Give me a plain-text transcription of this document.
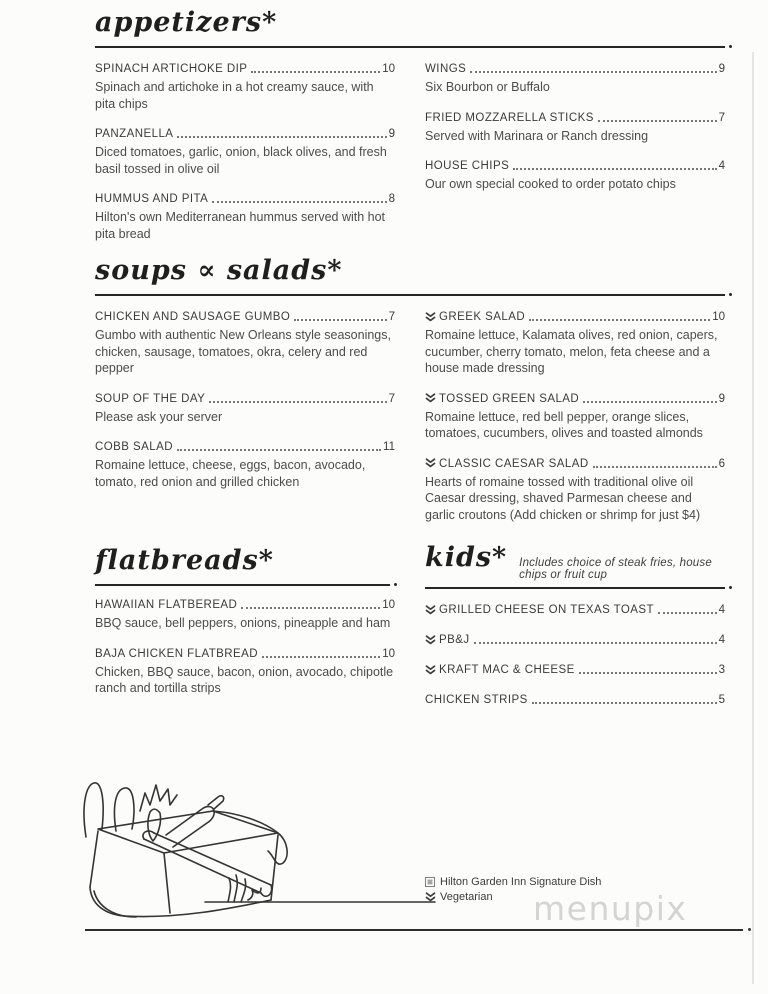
appetizers*
SPINACH ARTICHOKE DIP	10
Spinach and artichoke in a hot creamy sauce, with pita chips
PANZANELLA	9
Diced tomatoes, garlic, onion, black olives, and fresh basil tossed in olive oil
HUMMUS AND PITA	8
Hilton's own Mediterranean hummus served with hot pita bread
WINGS	9
Six Bourbon or Buffalo
FRIED MOZZARELLA STICKS	7
Served with Marinara or Ranch dressing
HOUSE CHIPS	4
Our own special cooked to order potato chips
soups ∝ salads*
CHICKEN AND SAUSAGE GUMBO	7
Gumbo with authentic New Orleans style seasonings, chicken, sausage, tomatoes, okra, celery and red pepper
SOUP OF THE DAY	7
Please ask your server
COBB SALAD	11
Romaine lettuce, cheese, eggs, bacon, avocado, tomato, red onion and grilled chicken
GREEK SALAD	10
Romaine lettuce, Kalamata olives, red onion, capers, cucumber, cherry tomato, melon, feta cheese and a house made dressing
TOSSED GREEN SALAD	9
Romaine lettuce, red bell pepper, orange slices, tomatoes, cucumbers, olives and toasted almonds
CLASSIC CAESAR SALAD	6
Hearts of romaine tossed with traditional olive oil Caesar dressing, shaved Parmesan cheese and garlic croutons (Add chicken or shrimp for just $4)
flatbreads*
HAWAIIAN FLATBEREAD	10
BBQ sauce, bell peppers, onions, pineapple and ham
BAJA CHICKEN FLATBREAD	10
Chicken, BBQ sauce, bacon, onion, avocado, chipotle ranch and tortilla strips
kids* Includes choice of steak fries, house chips or fruit cup
GRILLED CHEESE ON TEXAS TOAST	4
PB&J	4
KRAFT MAC & CHEESE	3
CHICKEN STRIPS	5
Hilton Garden Inn Signature Dish
Vegetarian menupix
